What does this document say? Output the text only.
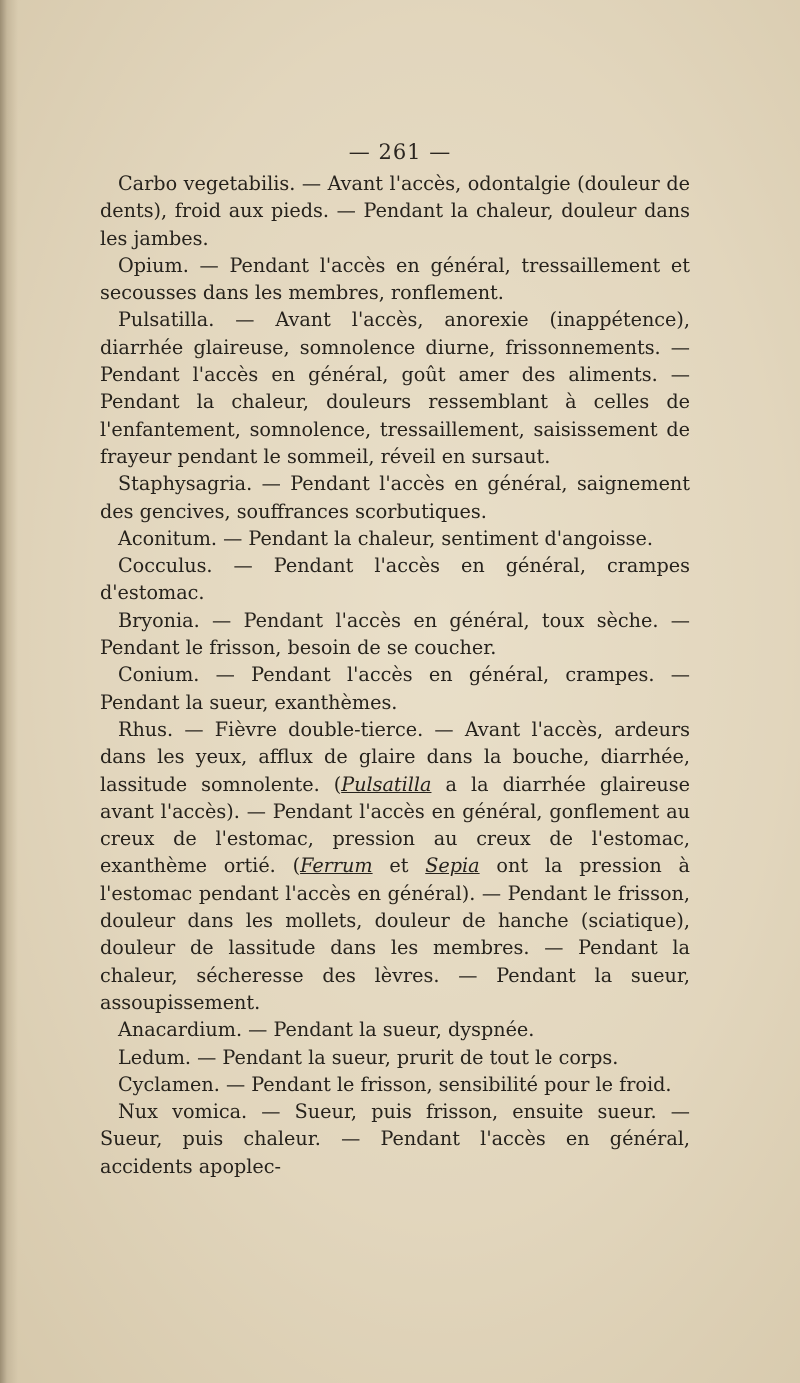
— 261 —

Carbo vegetabilis. — Avant l'accès, odontalgie (douleur de dents), froid aux pieds. — Pendant la chaleur, douleur dans les jambes.

Opium. — Pendant l'accès en général, tressaillement et secousses dans les membres, ronflement.

Pulsatilla. — Avant l'accès, anorexie (inappétence), diarrhée glaireuse, somnolence diurne, frissonnements. — Pendant l'accès en général, goût amer des aliments. — Pendant la chaleur, douleurs ressemblant à celles de l'enfantement, somnolence, tressaillement, saisissement de frayeur pendant le sommeil, réveil en sursaut.

Staphysagria. — Pendant l'accès en général, saignement des gencives, souffrances scorbutiques.

Aconitum. — Pendant la chaleur, sentiment d'angoisse.

Cocculus. — Pendant l'accès en général, crampes d'estomac.

Bryonia. — Pendant l'accès en général, toux sèche. — Pendant le frisson, besoin de se coucher.

Conium. — Pendant l'accès en général, crampes. — Pendant la sueur, exanthèmes.

Rhus. — Fièvre double-tierce. — Avant l'accès, ardeurs dans les yeux, afflux de glaire dans la bouche, diarrhée, lassitude somnolente. (Pulsatilla a la diarrhée glaireuse avant l'accès). — Pendant l'accès en général, gonflement au creux de l'estomac, pression au creux de l'estomac, exanthème ortié. (Ferrum et Sepia ont la pression à l'estomac pendant l'accès en général). — Pendant le frisson, douleur dans les mollets, douleur de hanche (sciatique), douleur de lassitude dans les membres. — Pendant la chaleur, sécheresse des lèvres. — Pendant la sueur, assoupissement.

Anacardium. — Pendant la sueur, dyspnée.

Ledum. — Pendant la sueur, prurit de tout le corps.

Cyclamen. — Pendant le frisson, sensibilité pour le froid.

Nux vomica. — Sueur, puis frisson, ensuite sueur. — Sueur, puis chaleur. — Pendant l'accès en général, accidents apoplec-
